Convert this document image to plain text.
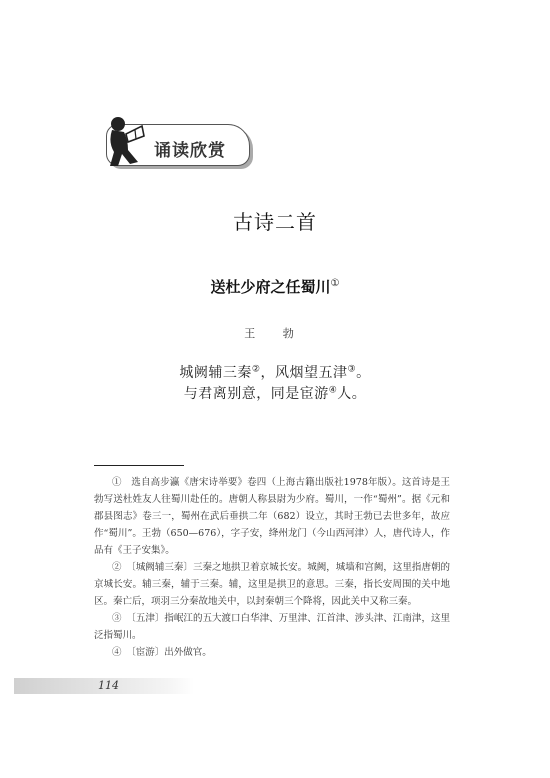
诵读欣赏
古诗二首
送杜少府之任蜀川①
王 勃
城阙辅三秦②，风烟望五津③。
与君离别意，同是宦游④人。

①　选自高步瀛《唐宋诗举要》卷四（上海古籍出版社1978年版）。这首诗是王勃写送杜姓友人往蜀川赴任的。唐朝人称县尉为少府。蜀川，一作“蜀州”。据《元和郡县图志》卷三一，蜀州在武后垂拱二年（682）设立，其时王勃已去世多年，故应作“蜀川”。王勃（650—676），字子安，绛州龙门（今山西河津）人，唐代诗人，作品有《王子安集》。

②　〔城阙辅三秦〕三秦之地拱卫着京城长安。城阙，城墙和宫阙，这里指唐朝的京城长安。辅三秦，辅于三秦。辅，这里是拱卫的意思。三秦，指长安周围的关中地区。秦亡后，项羽三分秦故地关中，以封秦朝三个降将，因此关中又称三秦。

③　〔五津〕指岷江的五大渡口白华津、万里津、江首津、涉头津、江南津，这里泛指蜀川。

④　〔宦游〕出外做官。

114
